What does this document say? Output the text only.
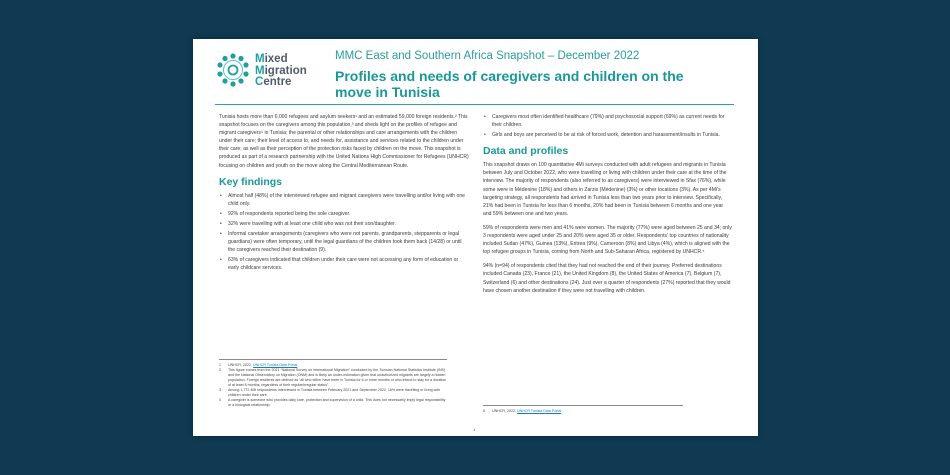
Mixed
Migration
Centre
MMC East and Southern Africa Snapshot – December 2022
Profiles and needs of caregivers and children on the move in Tunisia

Tunisia hosts more than 6,000 refugees and asylum seekers¹ and an estimated 59,000 foreign residents.² This snapshot focuses on the caregivers among this population,³ and sheds light on the profiles of refugee and migrant caregivers⁴ in Tunisia; the parental or other relationships and care arrangements with the children under their care; their level of access to, and needs for, assistance and services related to the children under their care; as well as their perception of the protection risks faced by children on the move. This snapshot is produced as part of a research partnership with the United Nations High Commissioner for Refugees (UNHCR) focusing on children and youth on the move along the Central Mediterranean Route.

Key findings
• Almost half (48%) of the interviewed refugee and migrant caregivers were travelling and/or living with one child only.
• 92% of respondents reported being the sole caregiver.
• 32% were travelling with at least one child who was not their son/daughter.
• Informal caretaker arrangements (caregivers who were not parents, grandparents, stepparents or legal guardians) were often temporary, until the legal guardians of the children took them back (14/28) or until the caregivers reached their destination (9).
• 63% of caregivers indicated that children under their care were not accessing any form of education or early childcare services.
• Caregivers most often identified healthcare (79%) and psychosocial support (69%) as current needs for their children.
• Girls and boys are perceived to be at risk of forced work, detention and harassment/insults in Tunisia.
Data and profiles

This snapshot draws on 100 quantitative 4Mi surveys conducted with adult refugees and migrants in Tunisia between July and October 2022, who were travelling or living with children under their care at the time of the interview. The majority of respondents (also referred to as caregivers) were interviewed in Sfax (76%), while some were in Médenine (18%) and others in Zarzis (Médenine) (3%) or other locations (3%). As per 4Mi's targeting strategy, all respondents had arrived in Tunisia less than two years prior to interview. Specifically, 21% had been in Tunisia for less than 6 months, 20% had been in Tunisia between 6 months and one year and 59% between one and two years.

59% of respondents were men and 41% were women. The majority (77%) were aged between 25 and 34; only 3 respondents were aged under 25 and 20% were aged 35 or older. Respondents' top countries of nationality included Sudan (47%), Guinea (13%), Eritrea (9%), Cameroon (8%) and Libya (4%), which is aligned with the top refugee groups in Tunisia, coming from North and Sub-Saharan Africa, registered by UNHCR.⁵

94% (n=94) of respondents cited that they had not reached the end of their journey. Preferred destinations included Canada (23), France (21), the United Kingdom (8), the United States of America (7), Belgium (7), Switzerland (6) and other destinations (24). Just over a quarter of respondents (27%) reported that they would have chosen another destination if they were not travelling with children.

1	UNHCR, 2022. UNHCR Tunisia Data Portal
2	This figure comes from the 2021 “National Survey on International Migration” conducted by the Tunisian National Statistics Institute (INS) and the National Observatory on Migration (ONM) and is likely an under-estimation given that unauthorized migrants are largely a hidden population. Foreign residents are defined as “all who either have been in Tunisia for 6 or more months or who intend to stay for a duration of at least 6 months, regardless of their regular/irregular status”.
3	Among 1,772 4Mi respondents interviewed in Tunisia between February 2021 and September 2022, 16% were travelling or living with children under their care.
4	A caregiver is someone who provides daily care, protection and supervision of a child. This does not necessarily imply legal responsibility or a biological relationship.
5	UNHCR, 2022. UNHCR Tunisia Data Portal
1
